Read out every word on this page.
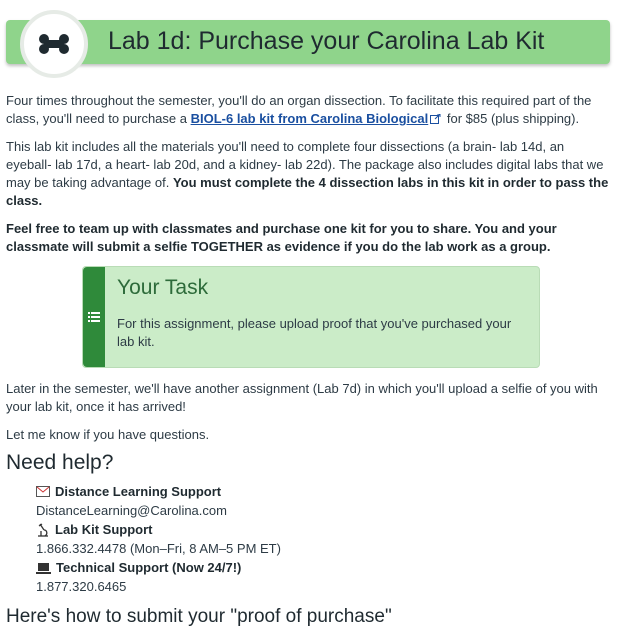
Lab 1d: Purchase your Carolina Lab Kit

Four times throughout the semester, you'll do an organ dissection. To facilitate this required part of the class, you'll need to purchase a BIOL-6 lab kit from Carolina Biological for $85 (plus shipping).

This lab kit includes all the materials you'll need to complete four dissections (a brain- lab 14d, an eyeball- lab 17d, a heart- lab 20d, and a kidney- lab 22d). The package also includes digital labs that we may be taking advantage of. You must complete the 4 dissection labs in this kit in order to pass the class.

Feel free to team up with classmates and purchase one kit for you to share. You and your classmate will submit a selfie TOGETHER as evidence if you do the lab work as a group.

Your Task
For this assignment, please upload proof that you've purchased your lab kit.

Later in the semester, we'll have another assignment (Lab 7d) in which you'll upload a selfie of you with your lab kit, once it has arrived!

Let me know if you have questions.

Need help?
Distance Learning Support
DistanceLearning@Carolina.com
Lab Kit Support
1.866.332.4478 (Mon–Fri, 8 AM–5 PM ET)
Technical Support (Now 24/7!)
1.877.320.6465
Here's how to submit your "proof of purchase"
